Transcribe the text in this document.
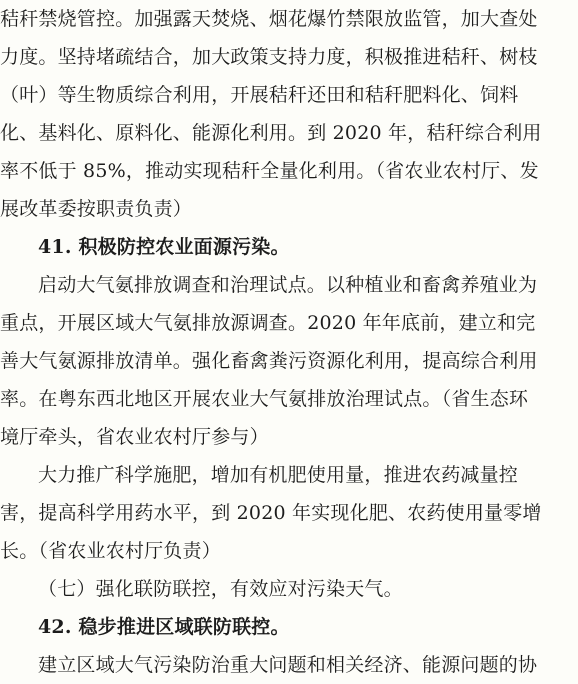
秸秆禁烧管控。加强露天焚烧、烟花爆竹禁限放监管，加大查处
力度。坚持堵疏结合，加大政策支持力度，积极推进秸秆、树枝
（叶）等生物质综合利用，开展秸秆还田和秸秆肥料化、饲料
化、基料化、原料化、能源化利用。到 2020 年，秸秆综合利用
率不低于 85%，推动实现秸秆全量化利用。（省农业农村厅、发
展改革委按职责负责）
41. 积极防控农业面源污染。
启动大气氨排放调查和治理试点。以种植业和畜禽养殖业为
重点，开展区域大气氨排放源调查。2020 年年底前，建立和完
善大气氨源排放清单。强化畜禽粪污资源化利用，提高综合利用
率。在粤东西北地区开展农业大气氨排放治理试点。（省生态环
境厅牵头，省农业农村厅参与）
大力推广科学施肥，增加有机肥使用量，推进农药减量控
害，提高科学用药水平，到 2020 年实现化肥、农药使用量零增
长。（省农业农村厅负责）
（七）强化联防联控，有效应对污染天气。
42. 稳步推进区域联防联控。
建立区域大气污染防治重大问题和相关经济、能源问题的协
